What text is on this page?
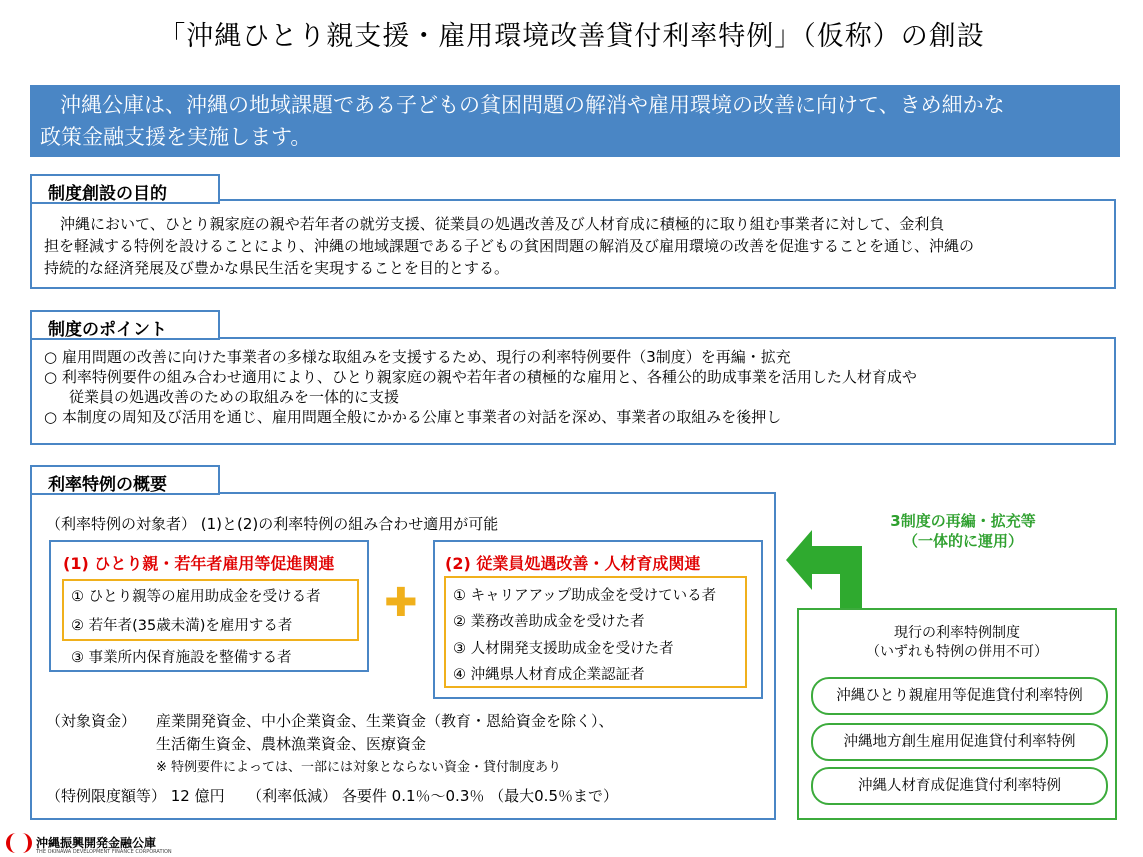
「沖縄ひとり親支援・雇用環境改善貸付利率特例」（仮称）の創設
沖縄公庫は、沖縄の地域課題である子どもの貧困問題の解消や雇用環境の改善に向けて、きめ細かな
政策金融支援を実施します。
沖縄において、ひとり親家庭の親や若年者の就労支援、従業員の処遇改善及び人材育成に積極的に取り組む事業者に対して、金利負
担を軽減する特例を設けることにより、沖縄の地域課題である子どもの貧困問題の解消及び雇用環境の改善を促進することを通じ、沖縄の
持続的な経済発展及び豊かな県民生活を実現することを目的とする。
制度創設の目的
○ 雇用問題の改善に向けた事業者の多様な取組みを支援するため、現行の利率特例要件（3制度）を再編・拡充
○ 利率特例要件の組み合わせ適用により、ひとり親家庭の親や若年者の積極的な雇用と、各種公的助成事業を活用した人材育成や
従業員の処遇改善のための取組みを一体的に支援
○ 本制度の周知及び活用を通じ、雇用問題全般にかかる公庫と事業者の対話を深め、事業者の取組みを後押し
制度のポイント
利率特例の概要
（利率特例の対象者） (1)と(2)の利率特例の組み合わせ適用が可能
(1) ひとり親・若年者雇用等促進関連
① ひとり親等の雇用助成金を受ける者
② 若年者(35歳未満)を雇用する者
③ 事業所内保育施設を整備する者
✚
(2) 従業員処遇改善・人材育成関連
① キャリアアップ助成金を受けている者
② 業務改善助成金を受けた者
③ 人材開発支援助成金を受けた者
④ 沖縄県人材育成企業認証者
（対象資金） 産業開発資金、中小企業資金、生業資金（教育・恩給資金を除く）、
生活衛生資金、農林漁業資金、医療資金
※ 特例要件によっては、一部には対象とならない資金・貸付制度あり
（特例限度額等） 12 億円　　（利率低減） 各要件 0.1％～0.3％ （最大0.5％まで）
3制度の再編・拡充等
（一体的に運用）
現行の利率特例制度
（いずれも特例の併用不可）
沖縄ひとり親雇用等促進貸付利率特例
沖縄地方創生雇用促進貸付利率特例
沖縄人材育成促進貸付利率特例
沖縄振興開発金融公庫
THE OKINAWA DEVELOPMENT FINANCE CORPORATION
